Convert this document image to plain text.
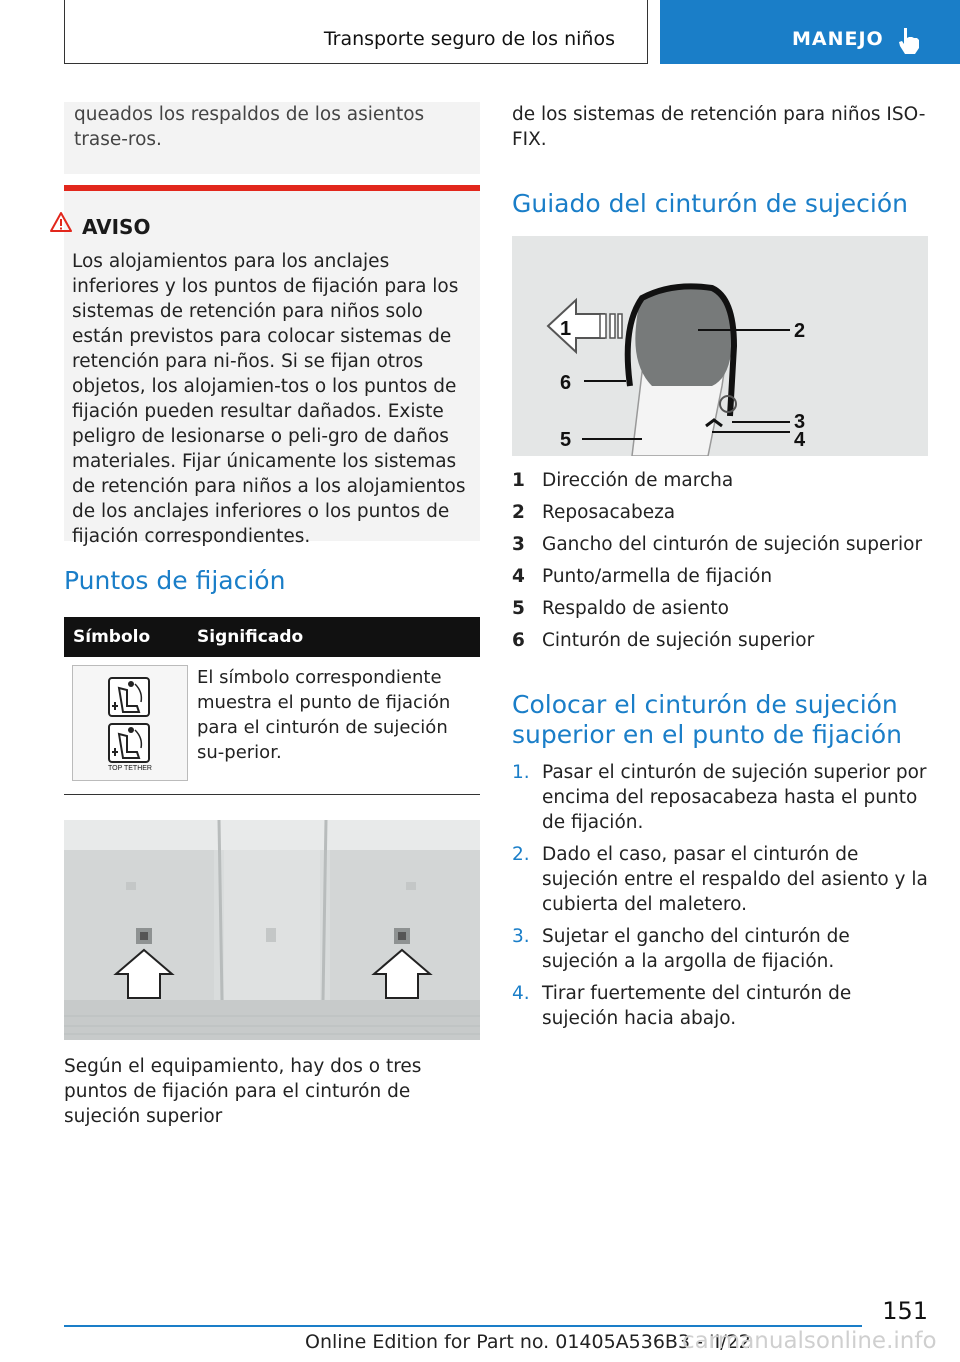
Transporte seguro de los niños	MANEJO
queados los respaldos de los asientos trase-ros.
AVISO
Los alojamientos para los anclajes inferiores y los puntos de fijación para los sistemas de retención para niños solo están previstos para colocar sistemas de retención para ni-ños. Si se fijan otros objetos, los alojamien-tos o los puntos de fijación pueden resultar dañados. Existe peligro de lesionarse o peli-gro de daños materiales. Fijar únicamente los sistemas de retención para niños a los alojamientos de los anclajes inferiores o los puntos de fijación correspondientes.
Puntos de fijación
Símbolo	Significado
TOP TETHER
El símbolo correspondiente muestra el punto de fijación para el cinturón de sujeción su-perior.
Según el equipamiento, hay dos o tres puntos de fijación para el cinturón de sujeción superior
de los sistemas de retención para niños ISO-FIX.
Guiado del cinturón de sujeción
1	2
3
4
5
6
1 Dirección de marcha
2 Reposacabeza
3 Gancho del cinturón de sujeción superior
4 Punto/armella de fijación
5 Respaldo de asiento
6 Cinturón de sujeción superior
Colocar el cinturón de sujeción superior en el punto de fijación
1. Pasar el cinturón de sujeción superior por encima del reposacabeza hasta el punto de fijación.
2. Dado el caso, pasar el cinturón de sujeción entre el respaldo del asiento y la cubierta del maletero.
3. Sujetar el gancho del cinturón de sujeción a la argolla de fijación.
4. Tirar fuertemente del cinturón de sujeción hacia abajo.
151
Online Edition for Part no. 01405A536B3 - II/22
carmanualsonline.info
